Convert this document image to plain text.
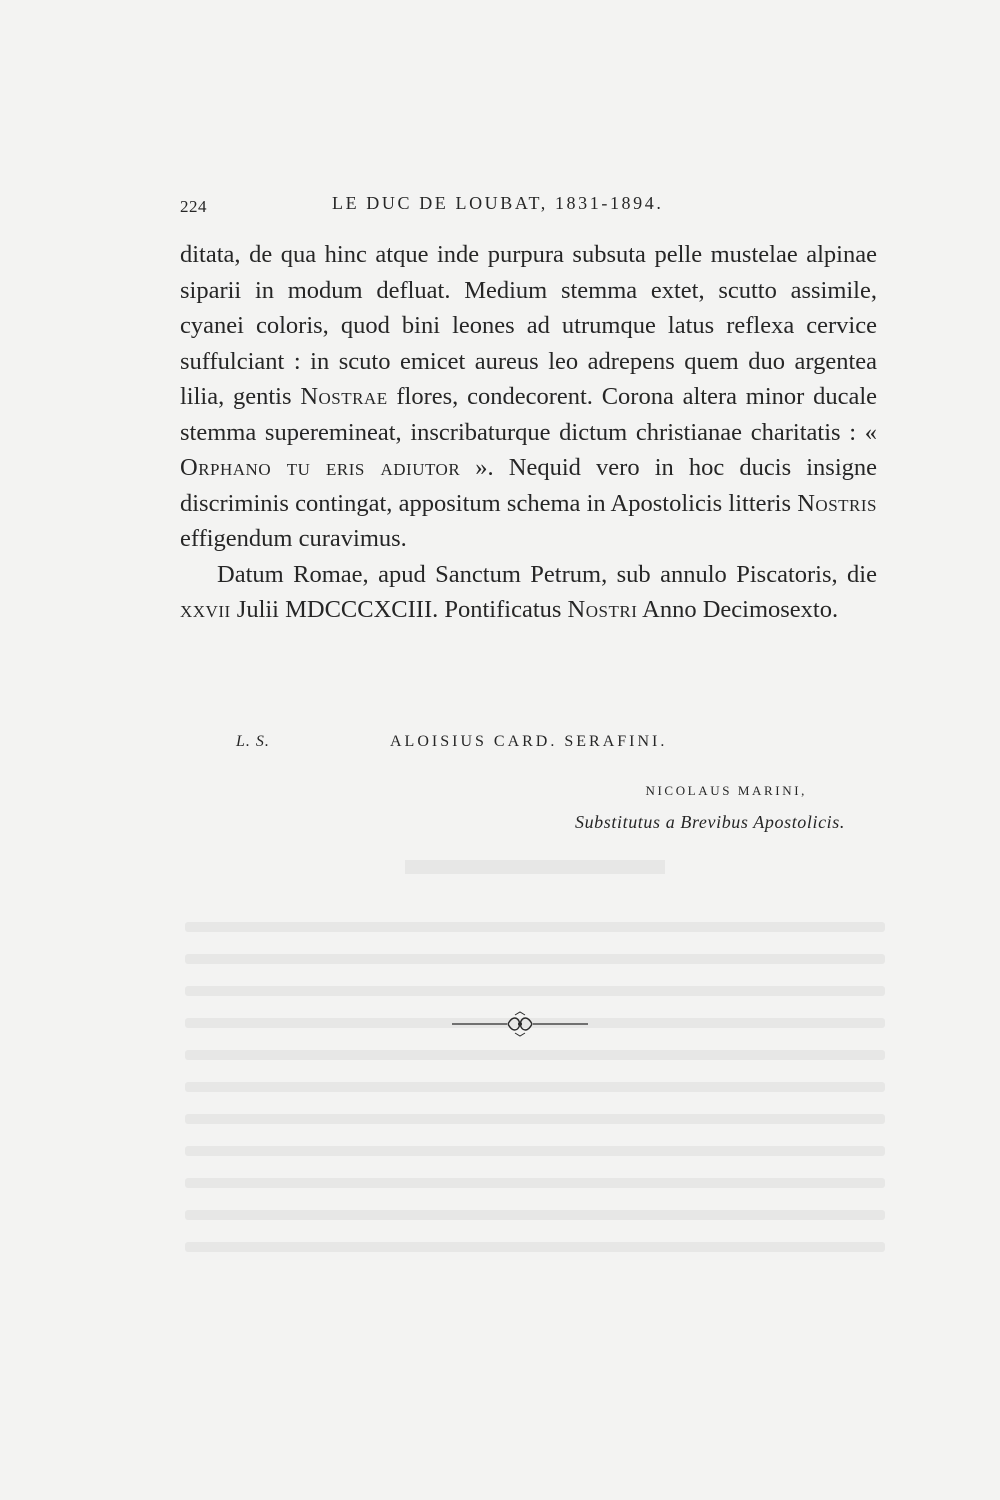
224	LE DUC DE LOUBAT, 1831-1894.

ditata, de qua hinc atque inde purpura subsuta pelle mustelae alpinae siparii in modum defluat. Medium stemma extet, scutto assimile, cyanei coloris, quod bini leones ad utrumque latus reflexa cervice suffulciant : in scuto emicet aureus leo adrepens quem duo argentea lilia, gentis Nostrae flores, condecorent. Corona altera minor ducale stemma superemineat, inscribaturque dictum christianae charitatis : « Orphano tu eris adiutor ». Nequid vero in hoc ducis insigne discriminis contingat, appositum schema in Apostolicis litteris Nostris effigendum curavimus.

Datum Romae, apud Sanctum Petrum, sub annulo Piscatoris, die xxvii Julii MDCCCXCIII. Pontificatus Nostri Anno Decimosexto.

L. S.	ALOISIUS CARD. SERAFINI.
NICOLAUS MARINI,
Substitutus a Brevibus Apostolicis.
